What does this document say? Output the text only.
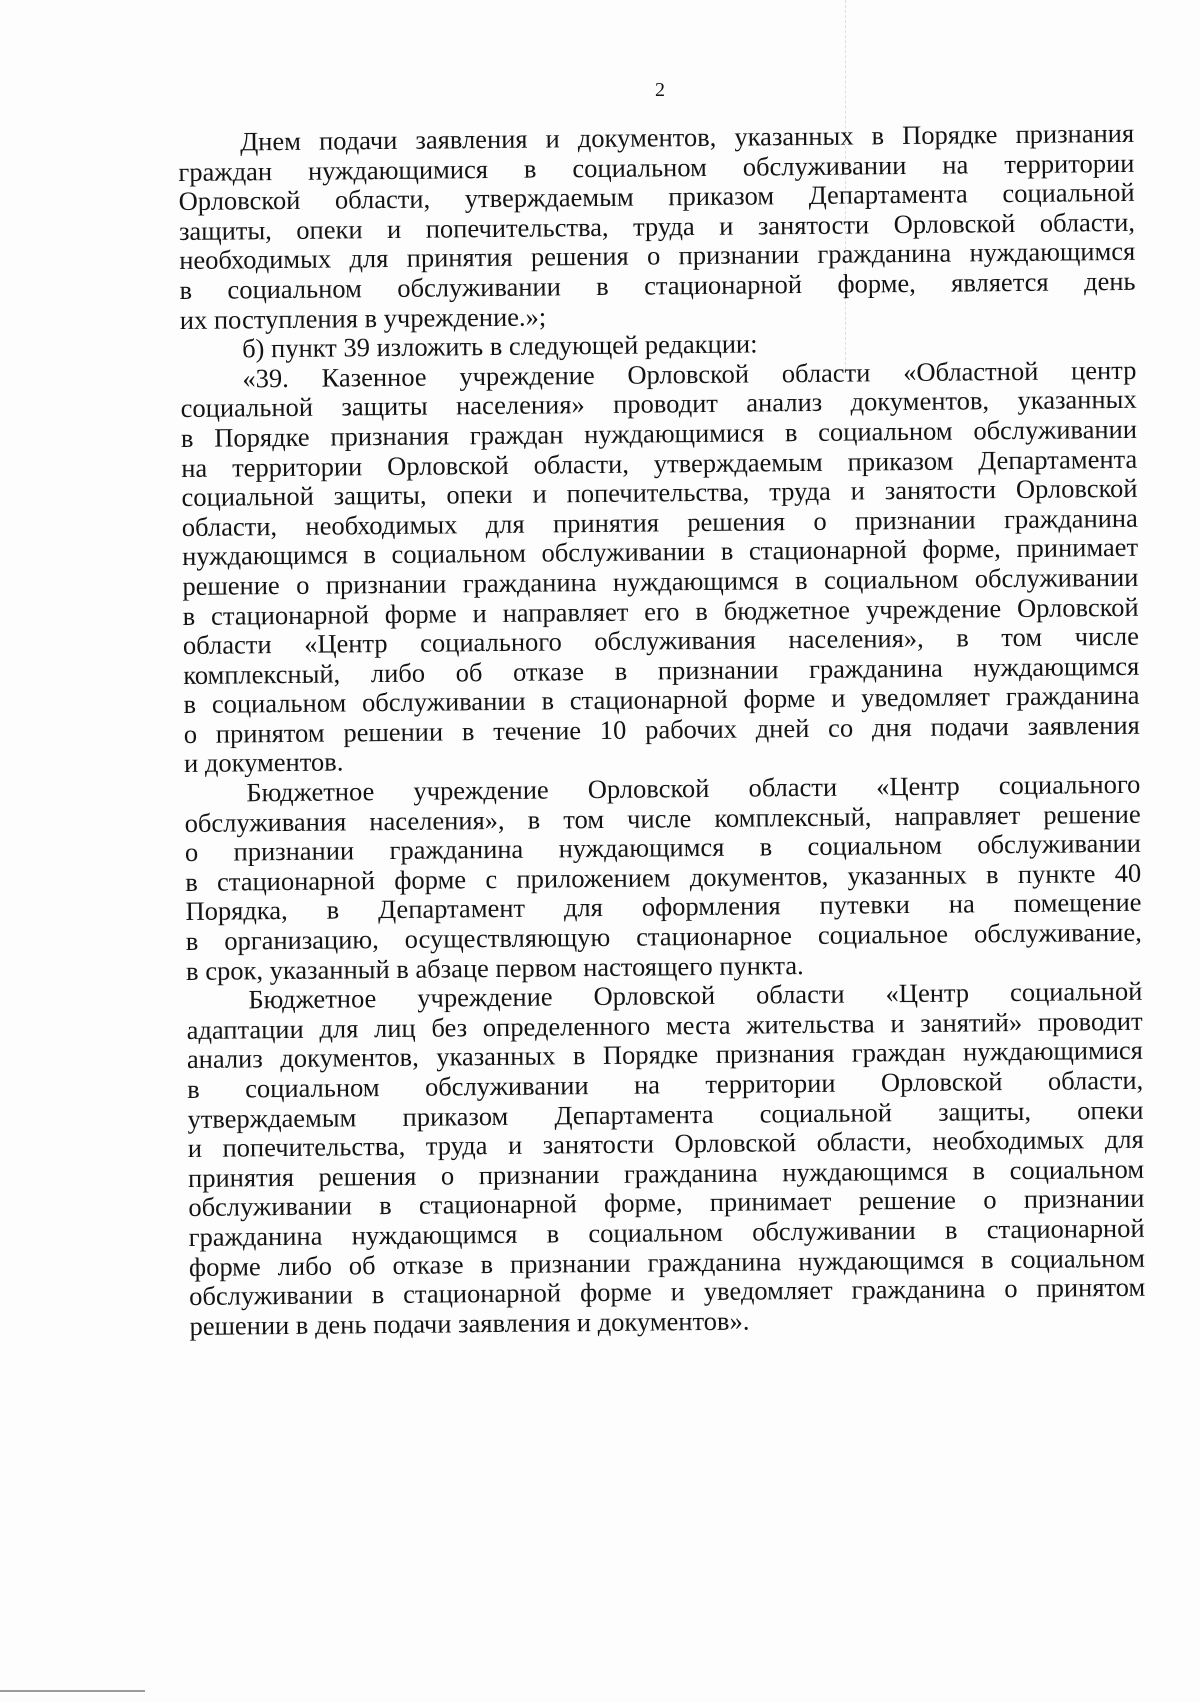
2
Днем подачи заявления и документов, указанных в Порядке признания
граждан нуждающимися в социальном обслуживании на территории
Орловской области, утверждаемым приказом Департамента социальной
защиты, опеки и попечительства, труда и занятости Орловской области,
необходимых для принятия решения о признании гражданина нуждающимся
в социальном обслуживании в стационарной форме, является день
их поступления в учреждение.»;
б) пункт 39 изложить в следующей редакции:
«39. Казенное учреждение Орловской области «Областной центр
социальной защиты населения» проводит анализ документов, указанных
в Порядке признания граждан нуждающимися в социальном обслуживании
на территории Орловской области, утверждаемым приказом Департамента
социальной защиты, опеки и попечительства, труда и занятости Орловской
области, необходимых для принятия решения о признании гражданина
нуждающимся в социальном обслуживании в стационарной форме, принимает
решение о признании гражданина нуждающимся в социальном обслуживании
в стационарной форме и направляет его в бюджетное учреждение Орловской
области «Центр социального обслуживания населения», в том числе
комплексный, либо об отказе в признании гражданина нуждающимся
в социальном обслуживании в стационарной форме и уведомляет гражданина
о принятом решении в течение 10 рабочих дней со дня подачи заявления
и документов.
Бюджетное учреждение Орловской области «Центр социального
обслуживания населения», в том числе комплексный, направляет решение
о признании гражданина нуждающимся в социальном обслуживании
в стационарной форме с приложением документов, указанных в пункте 40
Порядка, в Департамент для оформления путевки на помещение
в организацию, осуществляющую стационарное социальное обслуживание,
в срок, указанный в абзаце первом настоящего пункта.
Бюджетное учреждение Орловской области «Центр социальной
адаптации для лиц без определенного места жительства и занятий» проводит
анализ документов, указанных в Порядке признания граждан нуждающимися
в социальном обслуживании на территории Орловской области,
утверждаемым приказом Департамента социальной защиты, опеки
и попечительства, труда и занятости Орловской области, необходимых для
принятия решения о признании гражданина нуждающимся в социальном
обслуживании в стационарной форме, принимает решение о признании
гражданина нуждающимся в социальном обслуживании в стационарной
форме либо об отказе в признании гражданина нуждающимся в социальном
обслуживании в стационарной форме и уведомляет гражданина о принятом
решении в день подачи заявления и документов».
